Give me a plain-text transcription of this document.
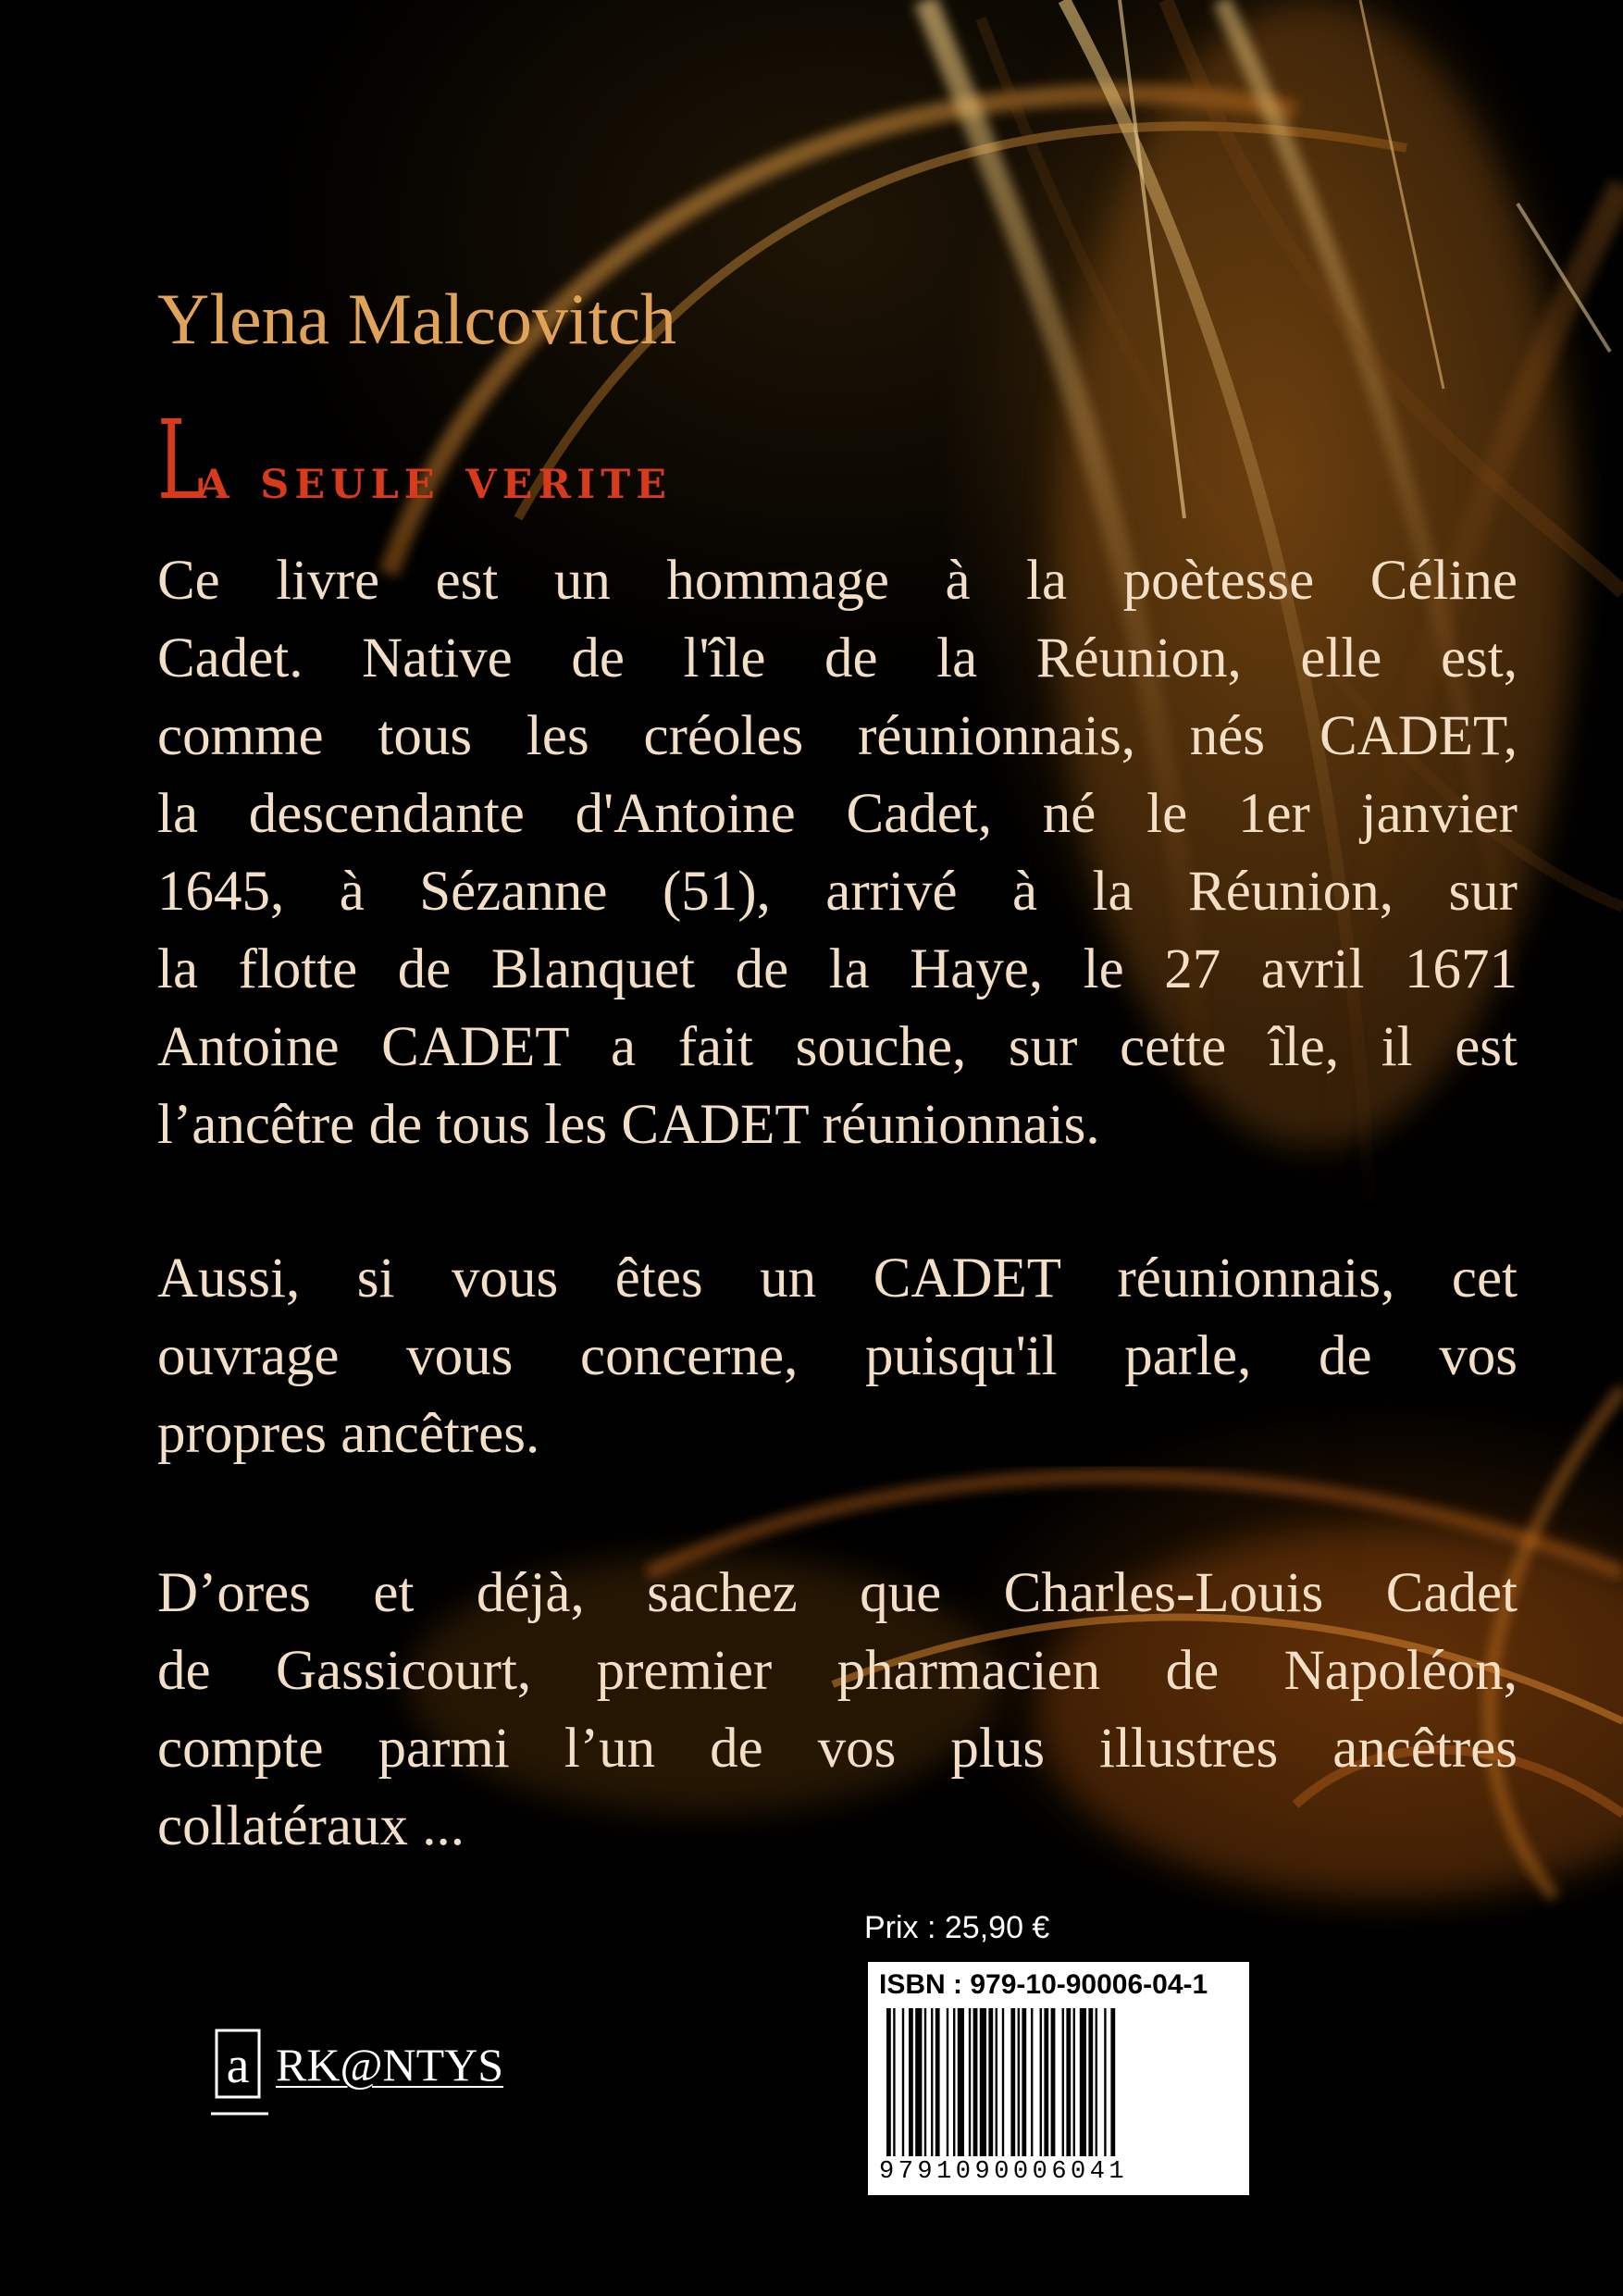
Ylena Malcovitch
La seule verite
Ce livre est un hommage à la poètesse Céline
Cadet. Native de l'île de la Réunion, elle est,
comme tous les créoles réunionnais, nés CADET,
la descendante d'Antoine Cadet, né le 1er janvier
1645, à Sézanne (51), arrivé à la Réunion, sur
la flotte de Blanquet de la Haye, le 27 avril 1671
Antoine CADET a fait souche, sur cette île, il est
l’ancêtre de tous les CADET réunionnais.
Aussi, si vous êtes un CADET réunionnais, cet
ouvrage vous concerne, puisqu'il parle, de vos
propres ancêtres.
D’ores et déjà, sachez que Charles-Louis Cadet
de Gassicourt, premier pharmacien de Napoléon,
compte parmi l’un de vos plus illustres ancêtres
collatéraux ...
Prix : 25,90 €
ISBN : 979-10-90006-04-1
9791090006041
a RK@NTYS
